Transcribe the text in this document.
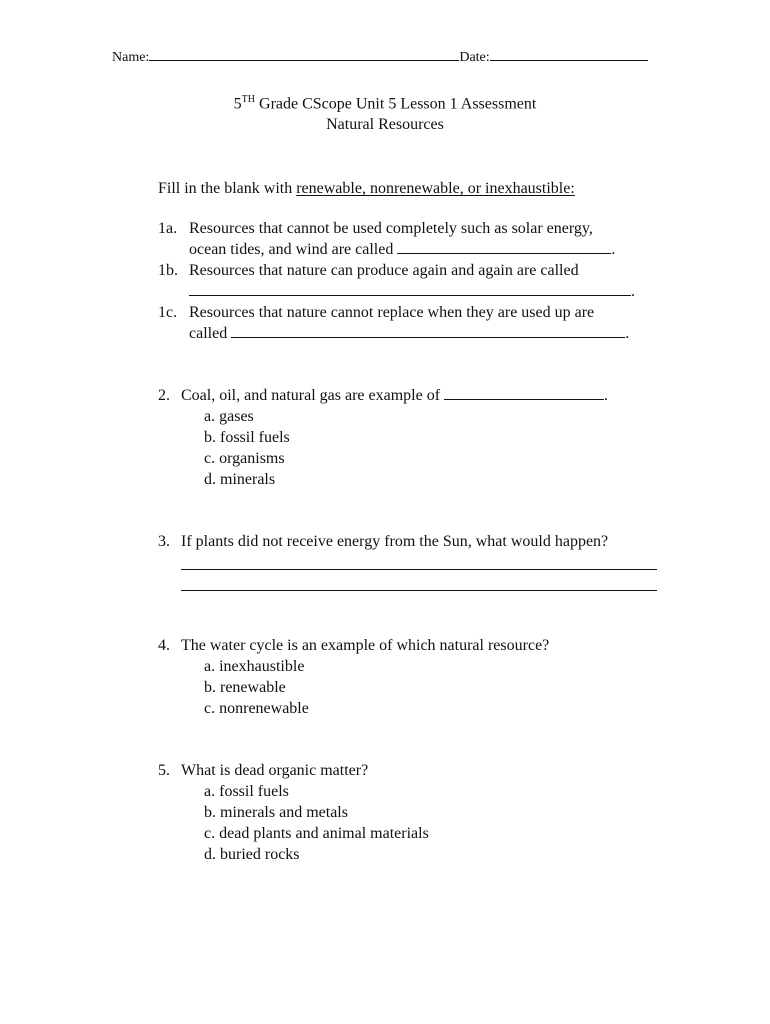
Name:	Date:
5TH Grade CScope Unit 5 Lesson 1 Assessment
Natural Resources
Fill in the blank with renewable, nonrenewable, or inexhaustible:
1a. Resources that cannot be used completely such as solar energy,
ocean tides, and wind are called	.
1b. Resources that nature can produce again and again are called
.
1c. Resources that nature cannot replace when they are used up are
called	.
2. Coal, oil, and natural gas are example of	.
a. gases
b. fossil fuels
c. organisms
d. minerals
3. If plants did not receive energy from the Sun, what would happen?
4. The water cycle is an example of which natural resource?
a. inexhaustible
b. renewable
c. nonrenewable
5. What is dead organic matter?
a. fossil fuels
b. minerals and metals
c. dead plants and animal materials
d. buried rocks
